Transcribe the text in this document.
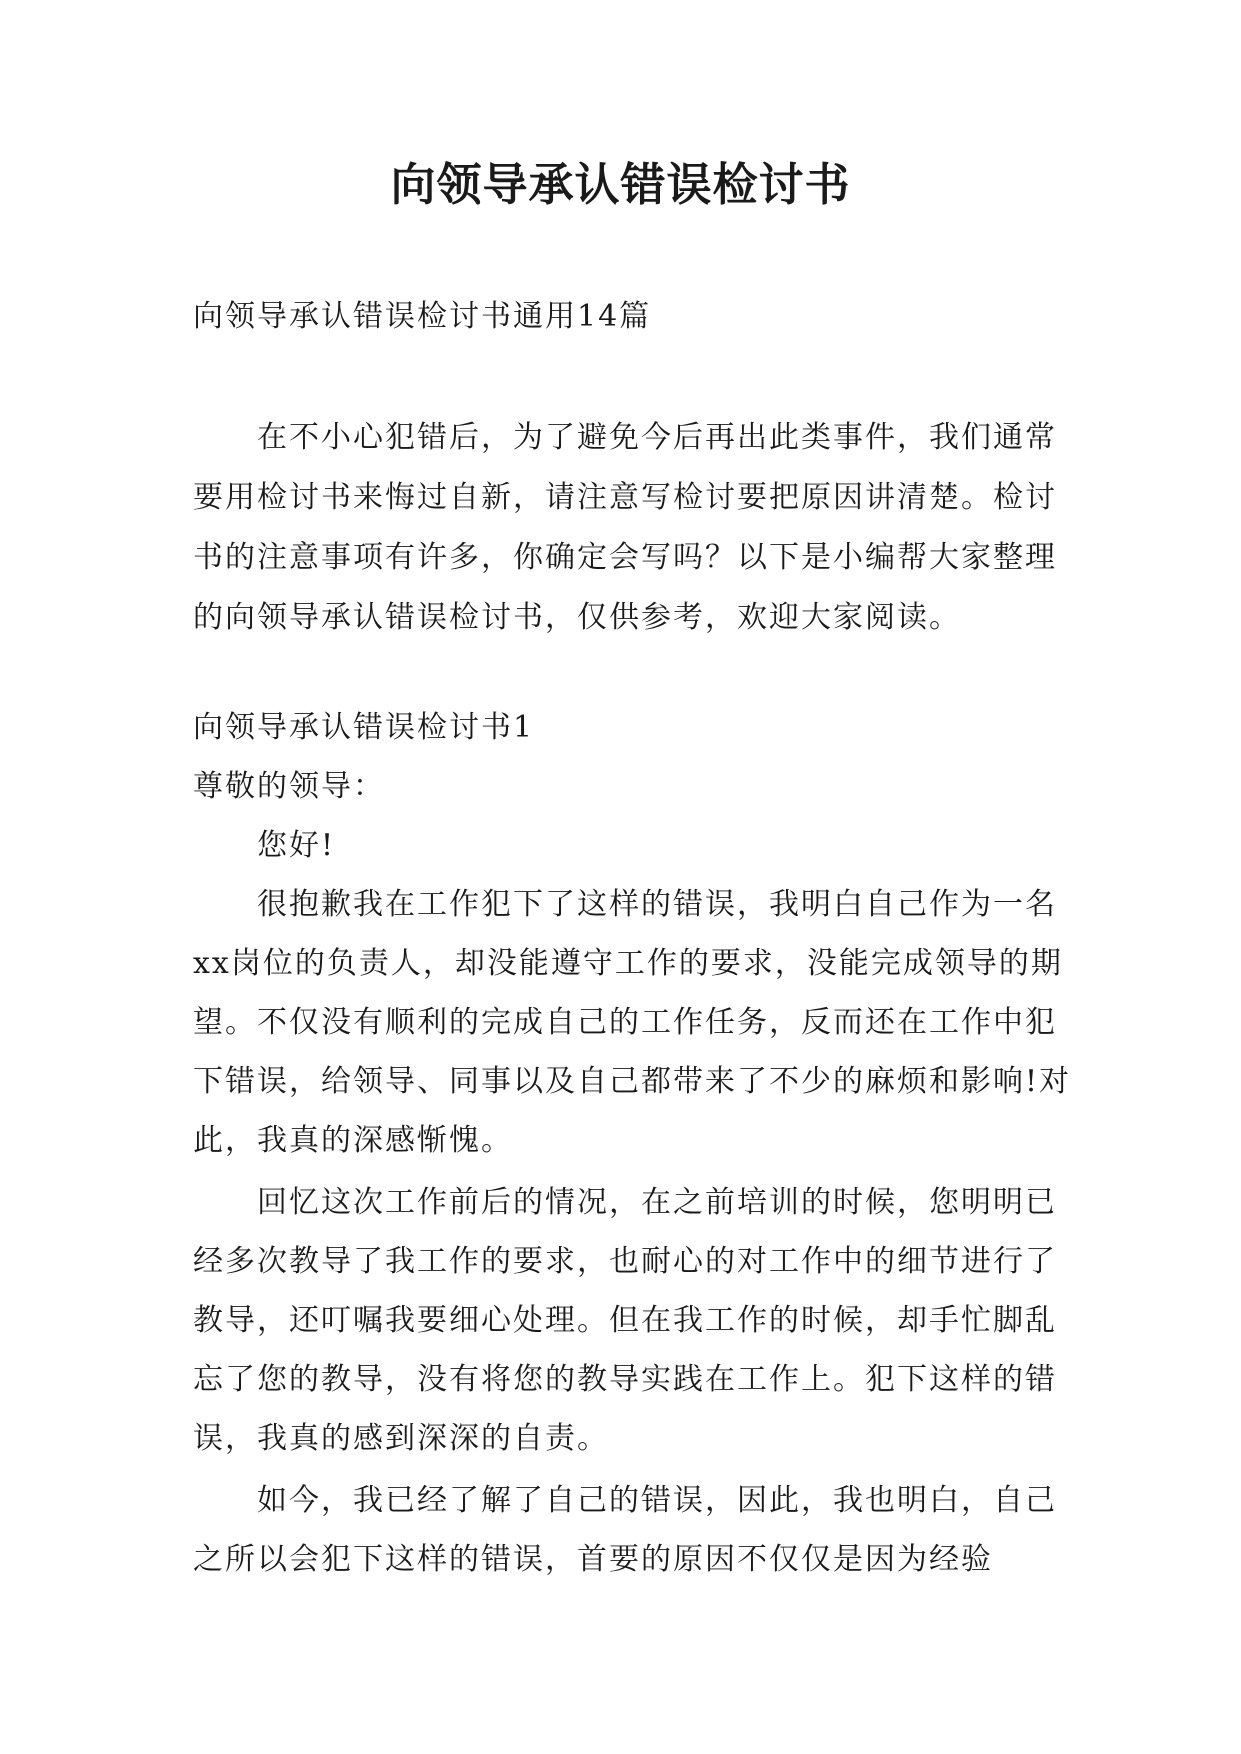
向领导承认错误检讨书
向领导承认错误检讨书通用14篇
在不小心犯错后，为了避免今后再出此类事件，我们通常要用检讨书来悔过自新，请注意写检讨要把原因讲清楚。检讨书的注意事项有许多，你确定会写吗？以下是小编帮大家整理的向领导承认错误检讨书，仅供参考，欢迎大家阅读。

向领导承认错误检讨书1

尊敬的领导：

您好!

很抱歉我在工作犯下了这样的错误，我明白自己作为一名xx岗位的负责人，却没能遵守工作的要求，没能完成领导的期望。不仅没有顺利的完成自己的工作任务，反而还在工作中犯下错误，给领导、同事以及自己都带来了不少的麻烦和影响!对此，我真的深感惭愧。

回忆这次工作前后的情况，在之前培训的时候，您明明已经多次教导了我工作的要求，也耐心的对工作中的细节进行了教导，还叮嘱我要细心处理。但在我工作的时候，却手忙脚乱忘了您的教导，没有将您的教导实践在工作上。犯下这样的错误，我真的感到深深的自责。

如今，我已经了解了自己的错误，因此，我也明白，自己之所以会犯下这样的错误，首要的原因不仅仅是因为经验
